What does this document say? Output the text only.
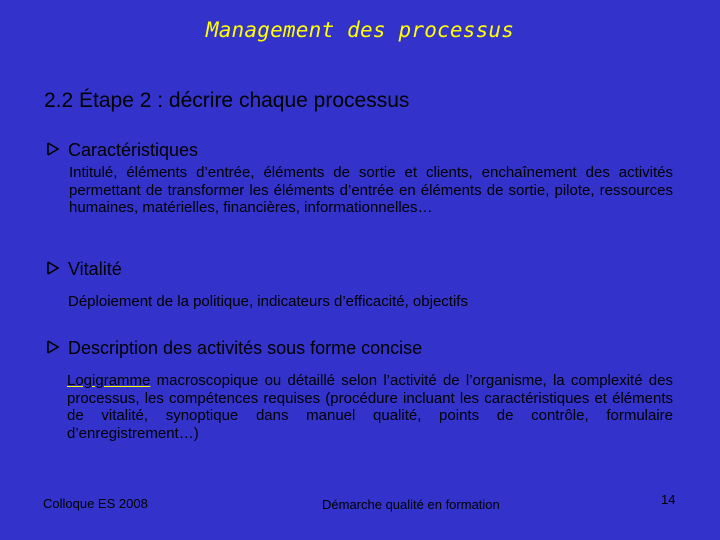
Management des processus
2.2 Étape 2 : décrire chaque processus
Caractéristiques
Intitulé, éléments d’entrée, éléments de sortie et clients, enchaînement des activités permettant de transformer les éléments d’entrée en éléments de sortie, pilote, ressources humaines, matérielles, financières, informationnelles…
Vitalité
Déploiement de la politique, indicateurs d’efficacité, objectifs
Description des activités sous forme concise
Logigramme macroscopique ou détaillé selon l’activité de l’organisme, la complexité des processus, les compétences requises (procédure incluant les caractéristiques et éléments de vitalité, synoptique dans manuel qualité, points de contrôle, formulaire d’enregistrement…)
Colloque ES 2008	Démarche qualité en formation	14
